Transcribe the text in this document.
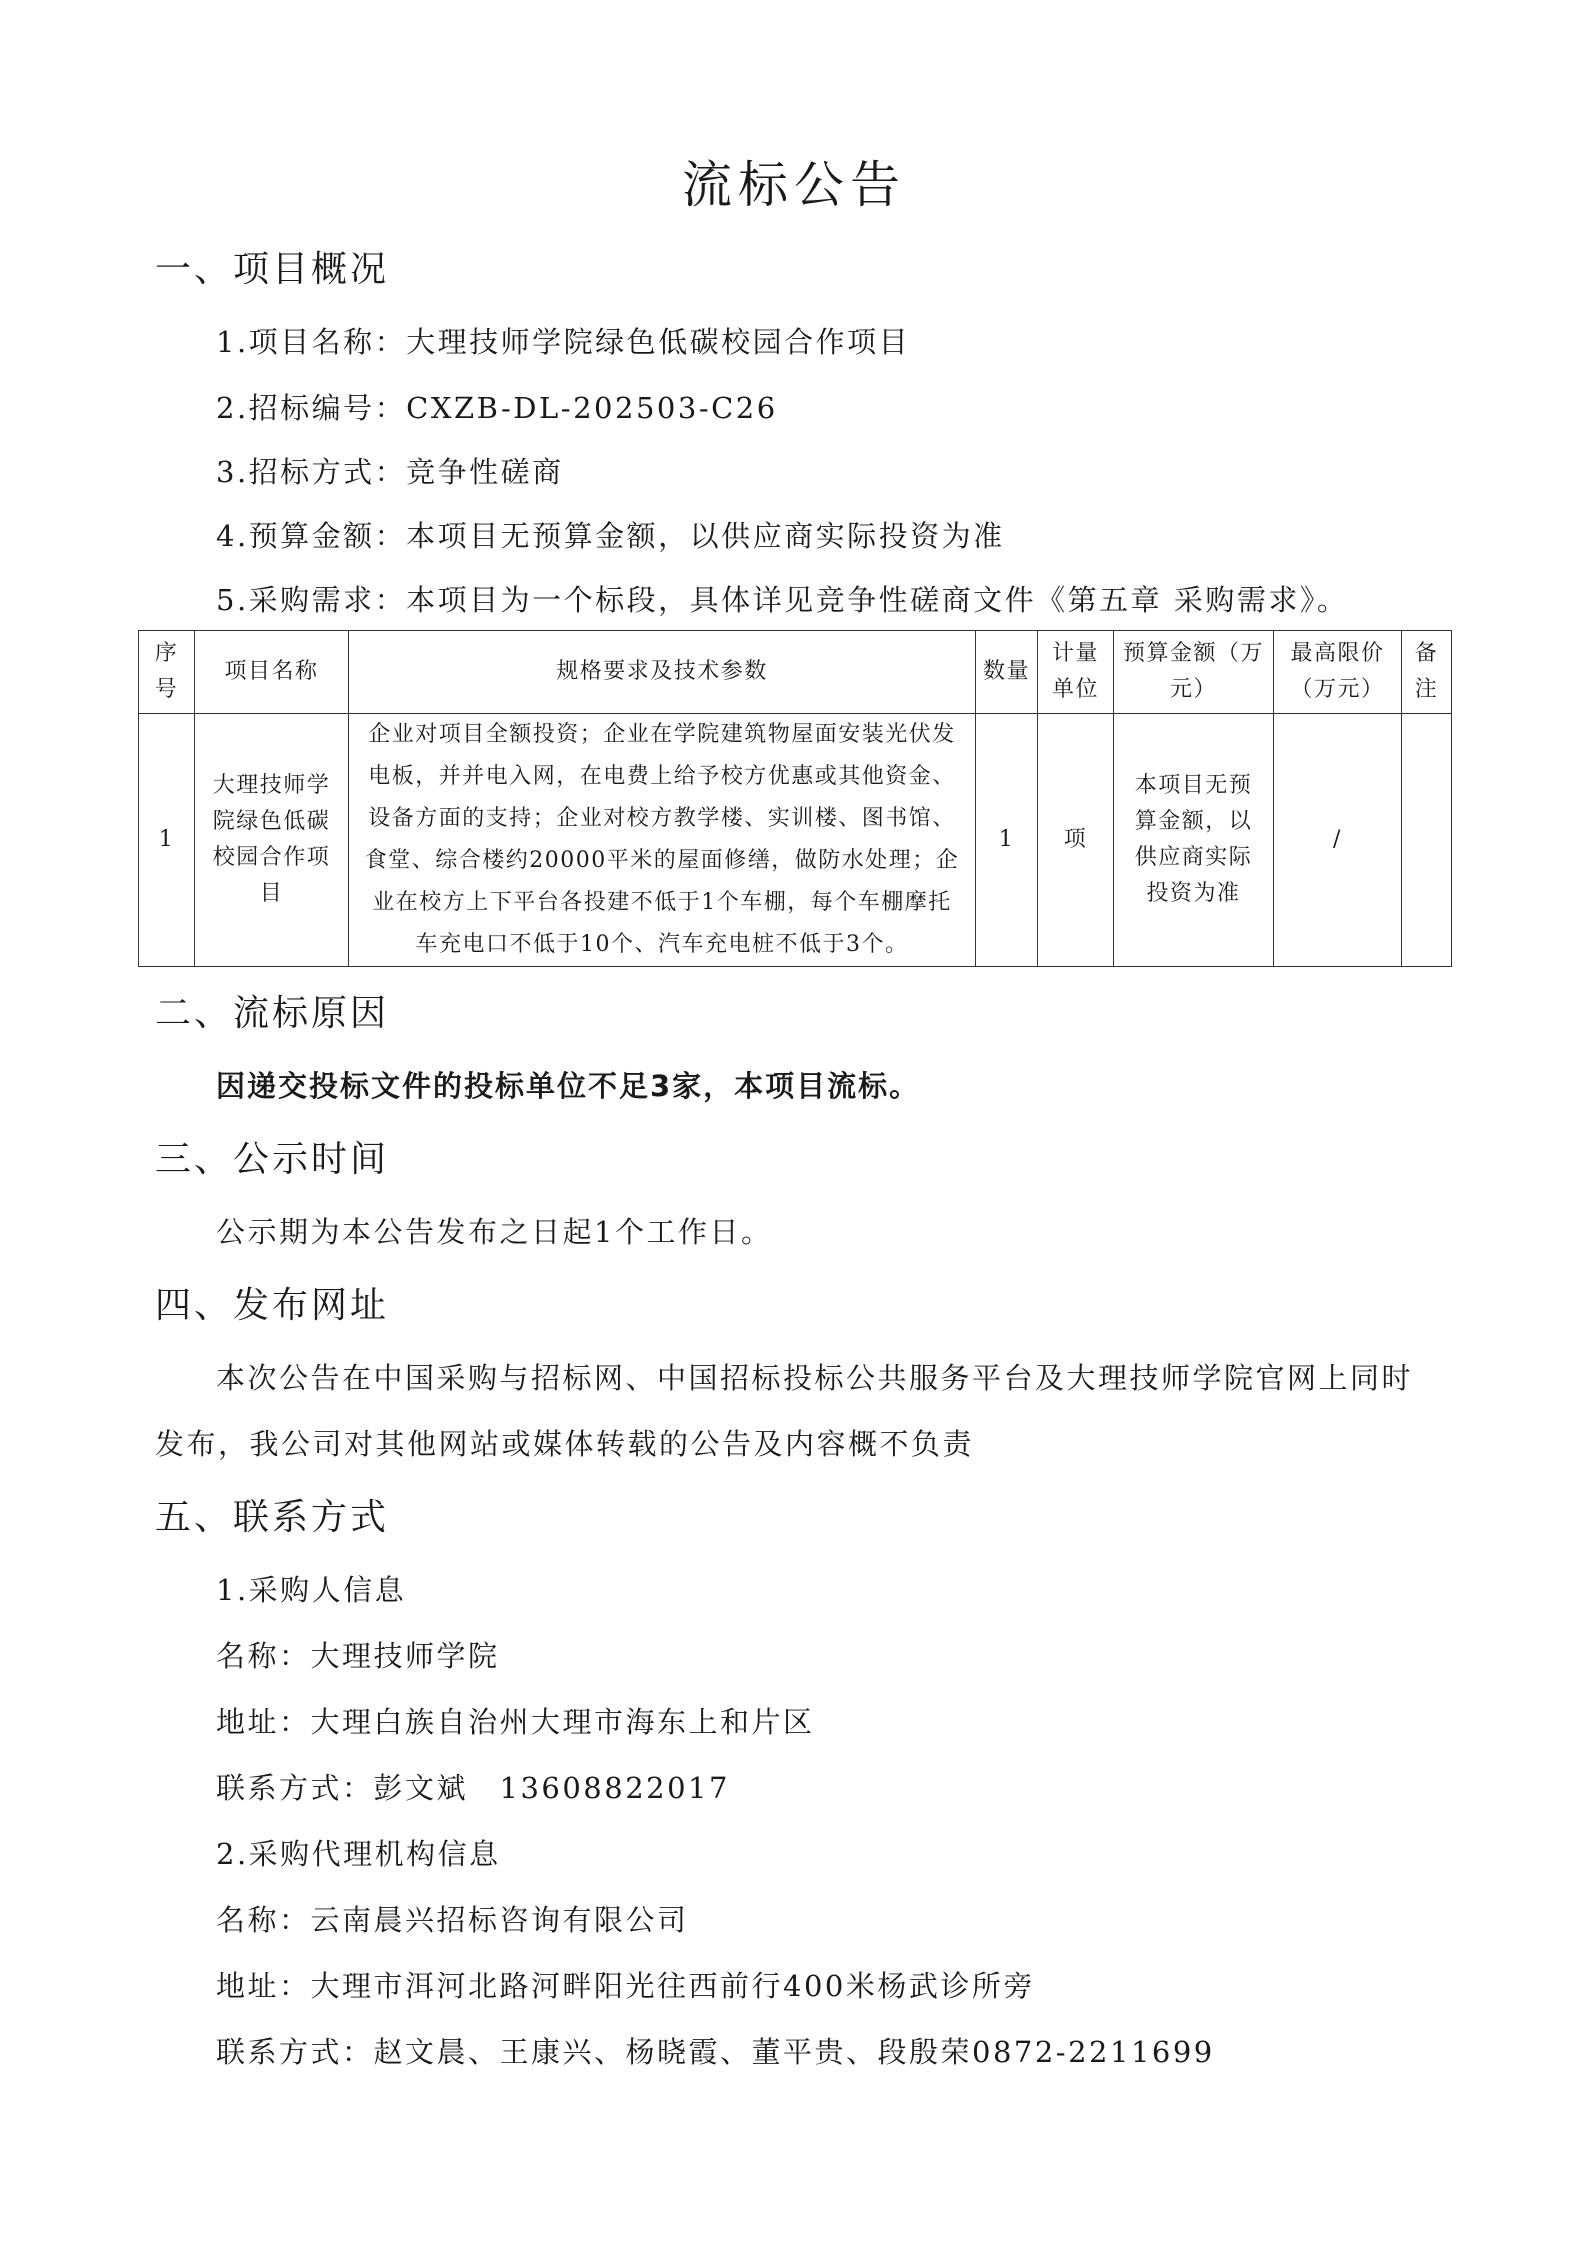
流标公告
一、项目概况
1.项目名称：大理技师学院绿色低碳校园合作项目
2.招标编号：CXZB-DL-202503-C26
3.招标方式：竞争性磋商
4.预算金额：本项目无预算金额，以供应商实际投资为准
5.采购需求：本项目为一个标段，具体详见竞争性磋商文件《第五章 采购需求》。
序号	项目名称	规格要求及技术参数	数量	计量单位	预算金额（万元）	最高限价（万元）	备注
1	大理技师学院绿色低碳校园合作项目	企业对项目全额投资；企业在学院建筑物屋面安装光伏发电板，并并电入网，在电费上给予校方优惠或其他资金、设备方面的支持；企业对校方教学楼、实训楼、图书馆、食堂、综合楼约20000平米的屋面修缮，做防水处理；企业在校方上下平台各投建不低于1个车棚，每个车棚摩托车充电口不低于10个、汽车充电桩不低于3个。	1	项	本项目无预算金额，以供应商实际投资为准	/	
二、流标原因
因递交投标文件的投标单位不足3家，本项目流标。
三、公示时间
公示期为本公告发布之日起1个工作日。
四、发布网址
本次公告在中国采购与招标网、中国招标投标公共服务平台及大理技师学院官网上同时
发布，我公司对其他网站或媒体转载的公告及内容概不负责
五、联系方式
1.采购人信息
名称：大理技师学院
地址：大理白族自治州大理市海东上和片区
联系方式：彭文斌　13608822017
2.采购代理机构信息
名称：云南晨兴招标咨询有限公司
地址：大理市洱河北路河畔阳光往西前行400米杨武诊所旁
联系方式：赵文晨、王康兴、杨晓霞、董平贵、段殷荣0872-2211699
